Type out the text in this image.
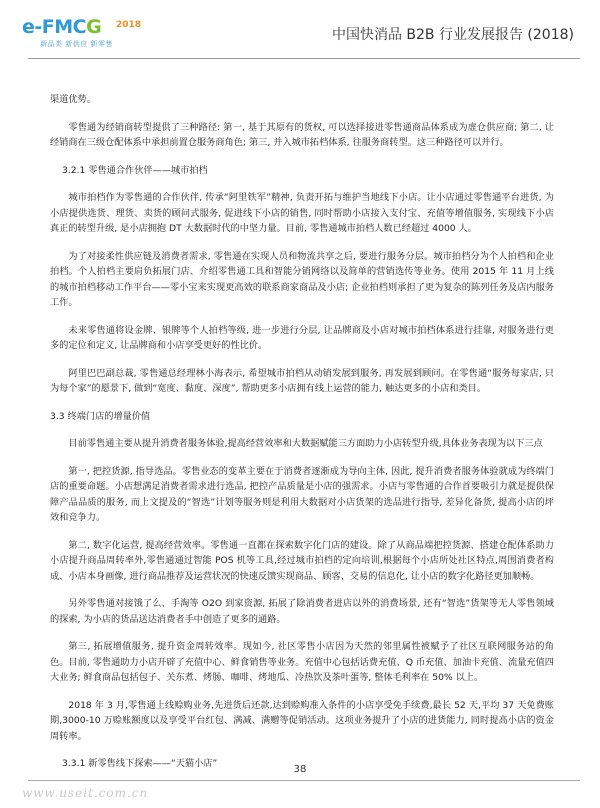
e-FMCG 2018
新品类 新供应 新零售
中国快消品 B2B 行业发展报告 (2018)

渠道优势。

零售通为经销商转型提供了三种路径: 第一, 基于其原有的货权, 可以选择接进零售通商品体系成为虚仓供应商; 第二, 让经销商在三级仓配体系中承担前置仓服务商角色; 第三, 并入城市拓档体系, 往服务商转型。这三种路径可以并行。

3.2.1 零售通合作伙伴——城市拍档

城市拍档作为零售通的合作伙伴, 传承“阿里铁军”精神, 负责开拓与维护当地线下小店。让小店通过零售通平台进货, 为小店提供选货、理货、卖货的顾问式服务, 促进线下小店的销售, 同时帮助小店接入支付宝、充值等增值服务, 实现线下小店真正的转型升级, 是小店拥抱 DT 大数据时代的中坚力量。目前, 零售通城市拍档人数已经超过 4000 人。

为了对接柔性供应链及消费者需求, 零售通在实现人员和物流共享之后, 要进行服务分层。城市拍档分为个人拍档和企业拍档。个人拍档主要肩负拓展门店、介绍零售通工具和智能分销网络以及简单的营销选传等业务。使用 2015 年 11 月上线的城市拍档移动工作平台——零小宝来实现更高效的联系商家商品及小店; 企业拍档则承担了更为复杂的陈列任务及店内服务工作。

未来零售通将设金牌、银牌等个人拍档等级, 进一步进行分层, 让品牌商及小店对城市拍档体系进行挂靠, 对服务进行更多的定位和定义, 让品牌商和小店享受更好的性比价。

阿里巴巴副总裁, 零售通总经理林小海表示, 希望城市拍档从动销发展到服务, 再发展到顾问。在零售通“服务每家店, 只为每个家”的愿景下, 做到“宽度、黏度、深度”, 帮助更多小店拥有线上运营的能力, 触达更多的小店和类目。

3.3 终端门店的增量价值

目前零售通主要从提升消费者服务体验,提高经营效率和大数据赋能三方面助力小店转型升级,具体业务表现为以下三点

第一, 把控货源, 指导选品。零售业态的变革主要在于消费者逐渐成为导向主体, 因此, 提升消费者服务体验就成为终端门店的重要命题。小店想满足消费者需求进行选品, 把控产品质量是小店的强需求。小店与零售通的合作首要吸引力就是提供保障产品品质的服务, 而上文提及的“智选”计划等服务则是利用大数据对小店货架的选品进行指导, 差异化备货, 提高小店的坪效和竞争力。

第二, 数字化运营, 提高经营效率。零售通一直都在探索数字化门店的建设。除了从商品端把控货源、搭建仓配体系助力小店提升商品周转率外,零售通通过智能 POS 机等工具,经过城市拍档的定向培训,根据每个小店所处社区特点,周围消费者构成、小店本身画像, 进行商品推荐及运营状况的快速反馈实现商品、顾客、交易的信息化, 让小店的数字化路径更加顺畅。

另外零售通对接饿了么、手淘等 O2O 到家资源, 拓展了除消费者进店以外的消费场景, 还有“智选”货架等无人零售领域的探索, 为小店的货品送达消费者手中创造了更多的通路。

第三, 拓展增值服务, 提升资金周转效率。现如今, 社区零售小店因为天然的邻里属性被赋予了社区互联网服务站的角色。目前, 零售通助力小店开辟了充值中心、鲜食销售等业务。充值中心包括话费充值、Q 币充值、加油卡充值、流量充值四大业务; 鲜食商品包括包子、关东煮、烤肠、咖啡、烤地瓜、冷热饮及茶叶蛋等, 整体毛利率在 50% 以上。

2018 年 3 月,零售通上线赊购业务,先进货后还款,达到赊购准入条件的小店享受免手续费,最长 52 天,平均 37 天免费账期,3000-10 万赊账额度以及享受平台红包、满减、满赠等促销活动。这项业务提升了小店的进货能力, 同时提高小店的资金周转率。

3.3.1 新零售线下探索——“天猫小店”

38
www.useit.com.cn
